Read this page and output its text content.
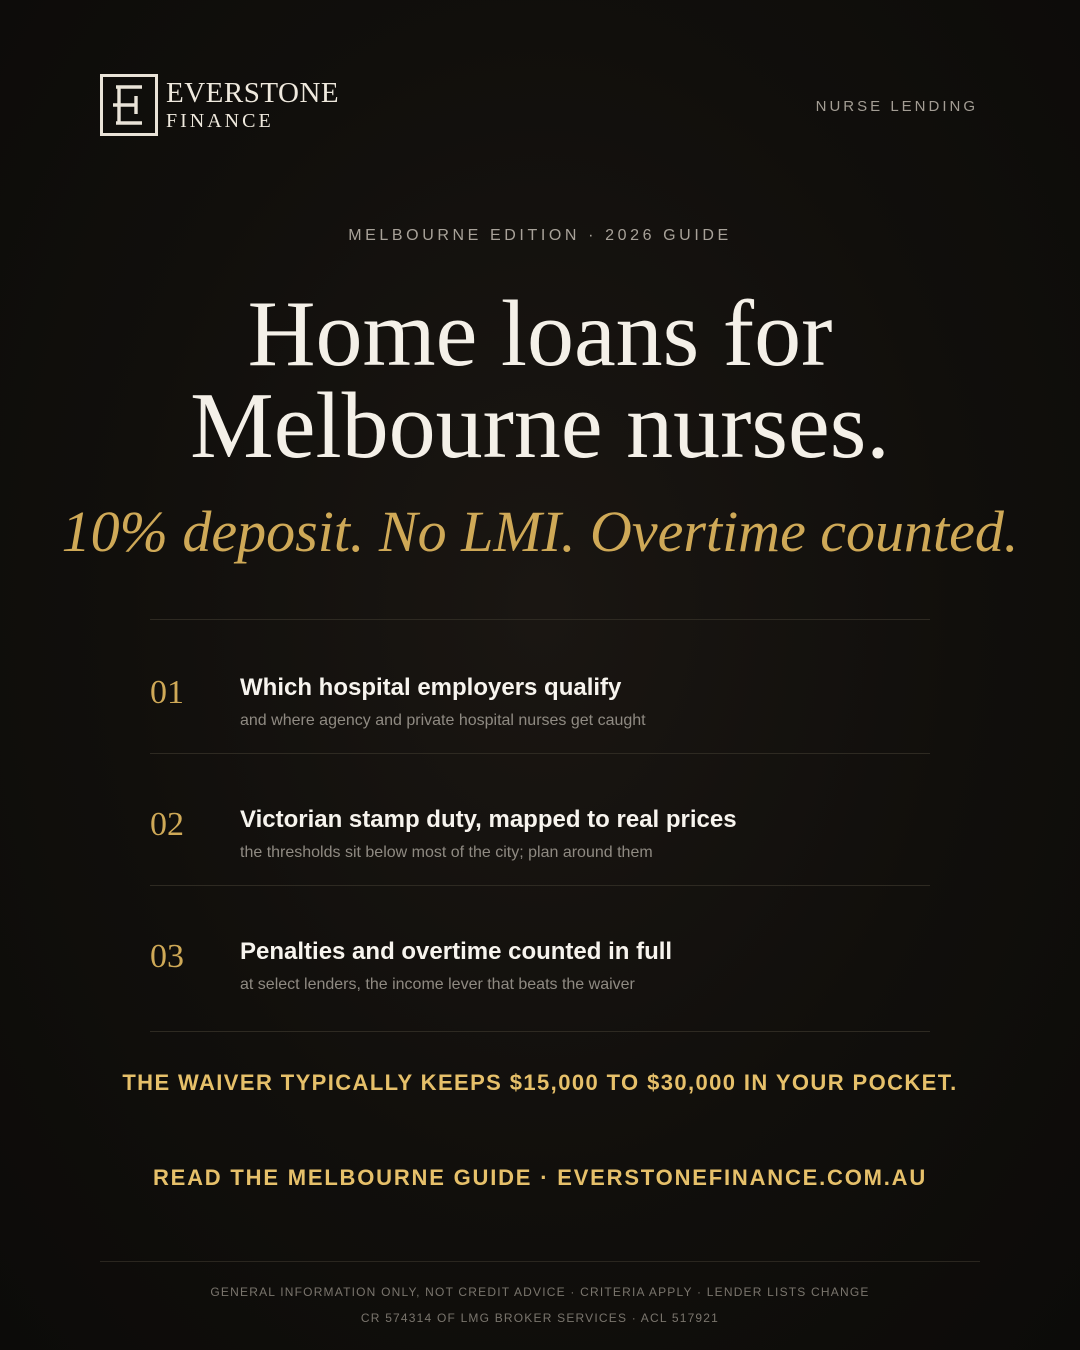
EVERSTONE
FINANCE
NURSE LENDING
MELBOURNE EDITION · 2026 GUIDE
Home loans for
Melbourne nurses.
10% deposit. No LMI. Overtime counted.
01 Which hospital employers qualify
and where agency and private hospital nurses get caught
02 Victorian stamp duty, mapped to real prices
the thresholds sit below most of the city; plan around them
03 Penalties and overtime counted in full
at select lenders, the income lever that beats the waiver
THE WAIVER TYPICALLY KEEPS $15,000 TO $30,000 IN YOUR POCKET.
READ THE MELBOURNE GUIDE · EVERSTONEFINANCE.COM.AU
GENERAL INFORMATION ONLY, NOT CREDIT ADVICE · CRITERIA APPLY · LENDER LISTS CHANGE
CR 574314 OF LMG BROKER SERVICES · ACL 517921
